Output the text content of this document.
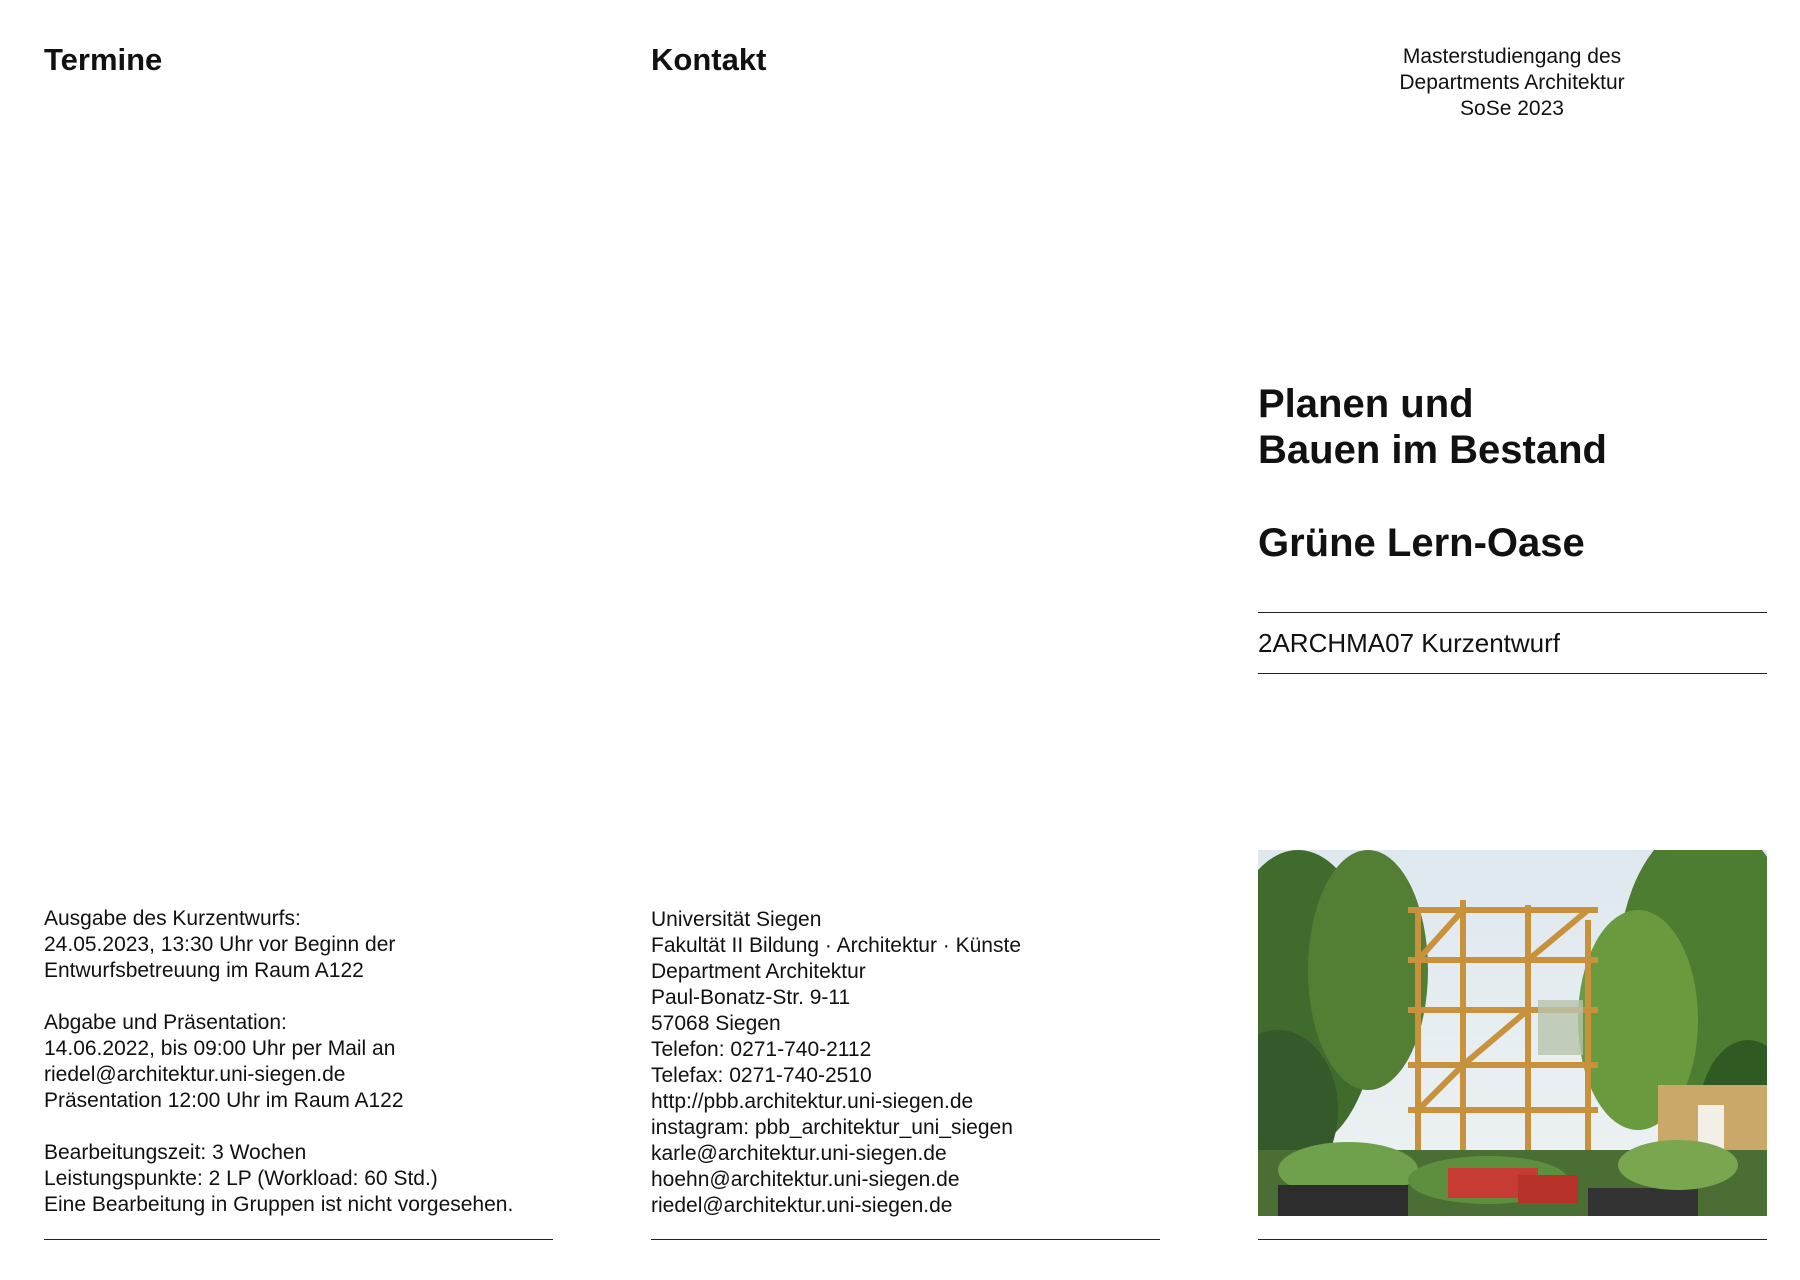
Termine
Ausgabe des Kurzentwurfs:
24.05.2023, 13:30 Uhr vor Beginn der
Entwurfsbetreuung im Raum A122
Abgabe und Präsentation:
14.06.2022, bis 09:00 Uhr per Mail an
riedel@architektur.uni-siegen.de
Präsentation 12:00 Uhr im Raum A122
Bearbeitungszeit: 3 Wochen
Leistungspunkte: 2 LP (Workload: 60 Std.)
Eine Bearbeitung in Gruppen ist nicht vorgesehen.
Kontakt
Universität Siegen
Fakultät II Bildung · Architektur · Künste
Department Architektur
Paul-Bonatz-Str. 9-11
57068 Siegen
Telefon: 0271-740-2112
Telefax: 0271-740-2510
http://pbb.architektur.uni-siegen.de
instagram: pbb_architektur_uni_siegen
karle@architektur.uni-siegen.de
hoehn@architektur.uni-siegen.de
riedel@architektur.uni-siegen.de
Masterstudiengang des
Departments Architektur
SoSe 2023
Planen und
Bauen im Bestand
Grüne Lern-Oase
2ARCHMA07 Kurzentwurf
